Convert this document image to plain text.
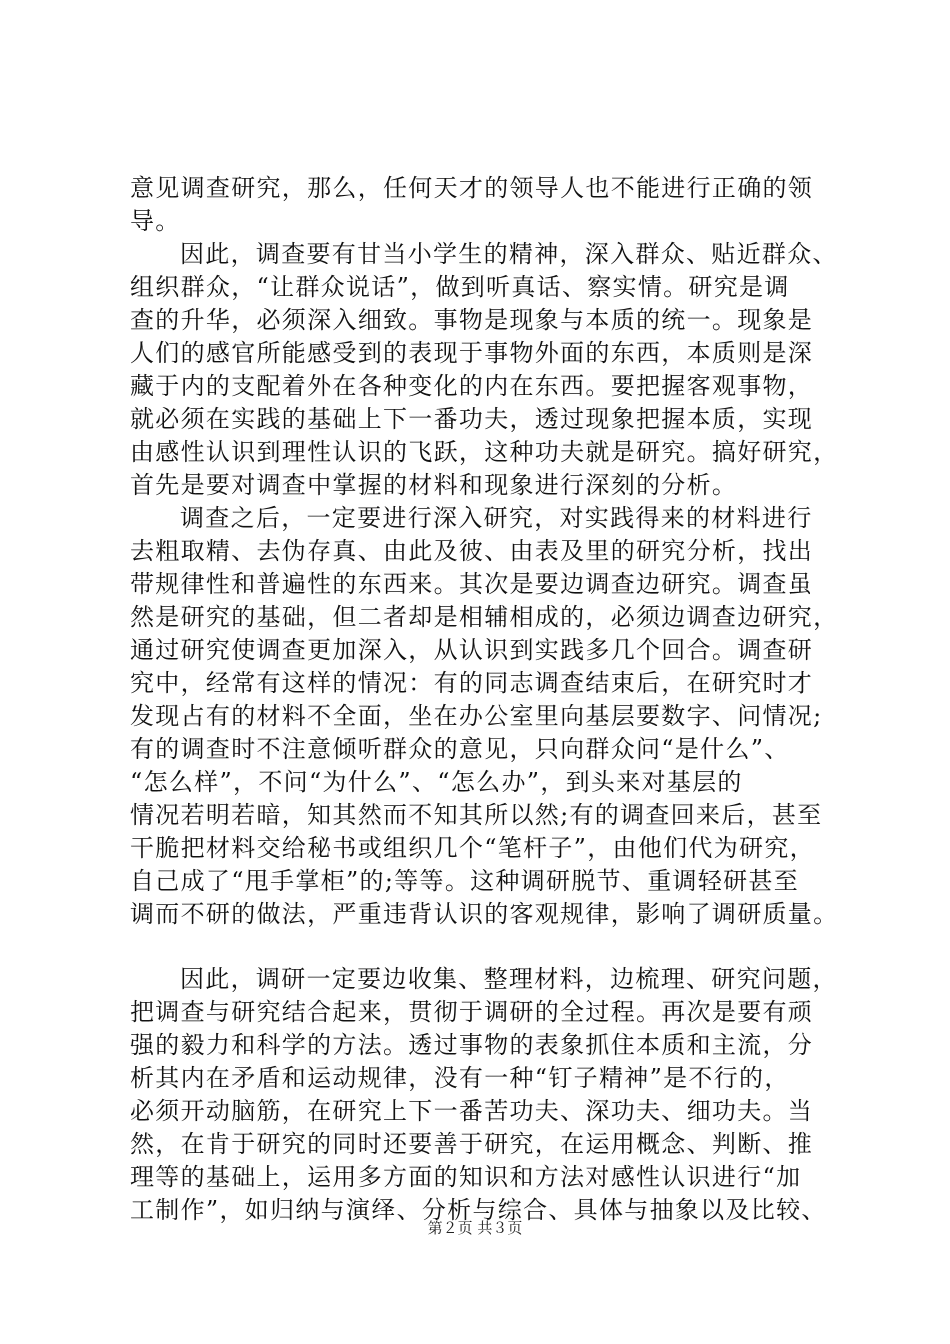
意见调查研究，那么，任何天才的领导人也不能进行正确的领
导。
因此，调查要有甘当小学生的精神，深入群众、贴近群众、
组织群众，“让群众说话”，做到听真话、察实情。研究是调
查的升华，必须深入细致。事物是现象与本质的统一。现象是
人们的感官所能感受到的表现于事物外面的东西，本质则是深
藏于内的支配着外在各种变化的内在东西。要把握客观事物，
就必须在实践的基础上下一番功夫，透过现象把握本质，实现
由感性认识到理性认识的飞跃，这种功夫就是研究。搞好研究，
首先是要对调查中掌握的材料和现象进行深刻的分析。
调查之后，一定要进行深入研究，对实践得来的材料进行
去粗取精、去伪存真、由此及彼、由表及里的研究分析，找出
带规律性和普遍性的东西来。其次是要边调查边研究。调查虽
然是研究的基础，但二者却是相辅相成的，必须边调查边研究，
通过研究使调查更加深入，从认识到实践多几个回合。调查研
究中，经常有这样的情况：有的同志调查结束后，在研究时才
发现占有的材料不全面，坐在办公室里向基层要数字、问情况;
有的调查时不注意倾听群众的意见，只向群众问“是什么”、
“怎么样”，不问“为什么”、“怎么办”，到头来对基层的
情况若明若暗，知其然而不知其所以然;有的调查回来后，甚至
干脆把材料交给秘书或组织几个“笔杆子”，由他们代为研究，
自己成了“甩手掌柜”的;等等。这种调研脱节、重调轻研甚至
调而不研的做法，严重违背认识的客观规律，影响了调研质量。
因此，调研一定要边收集、整理材料，边梳理、研究问题，
把调查与研究结合起来，贯彻于调研的全过程。再次是要有顽
强的毅力和科学的方法。透过事物的表象抓住本质和主流，分
析其内在矛盾和运动规律，没有一种“钉子精神”是不行的，
必须开动脑筋，在研究上下一番苦功夫、深功夫、细功夫。当
然，在肯于研究的同时还要善于研究，在运用概念、判断、推
理等的基础上，运用多方面的知识和方法对感性认识进行“加
工制作”，如归纳与演绎、分析与综合、具体与抽象以及比较、
第２页 共３页
